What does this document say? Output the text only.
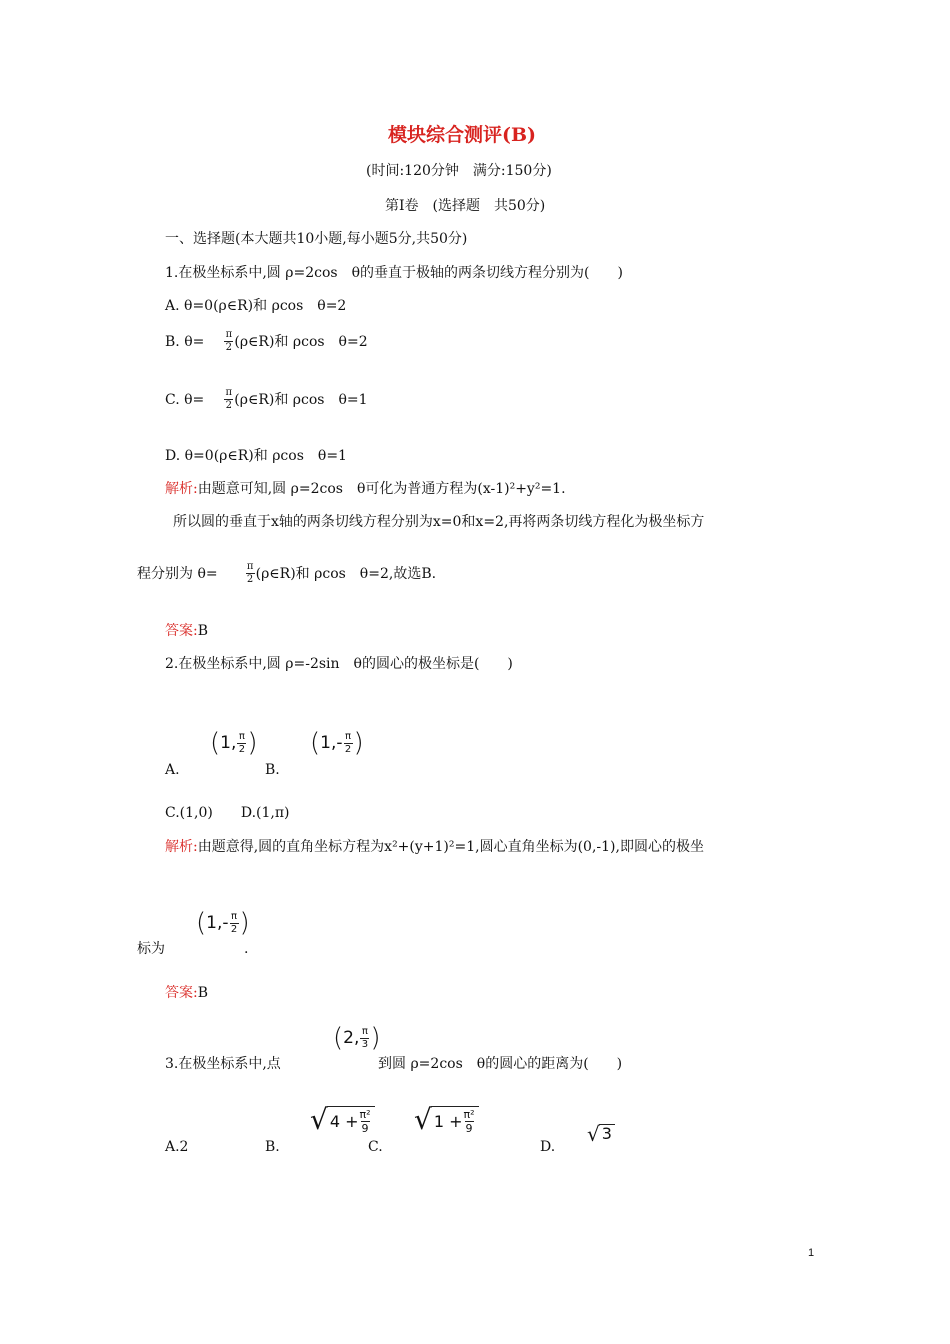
模块综合测评(B)
(时间:120分钟　满分:150分)
第Ⅰ卷　(选择题　共50分)
一、选择题(本大题共10小题,每小题5分,共50分)
1.在极坐标系中,圆 ρ=2cos　θ的垂直于极轴的两条切线方程分别为(　　)
A. θ=0(ρ∈R)和 ρcos　θ=2
B. $\theta= \frac{\pi}{2}$ (ρ∈R)和 ρcos　θ=2
C. $\theta= \frac{\pi}{2}$ (ρ∈R)和 ρcos　θ=1
D. θ=0(ρ∈R)和 ρcos　θ=1
解析:由题意可知,圆 ρ=2cos　θ可化为普通方程为(x-1)²+y²=1.
所以圆的垂直于x轴的两条切线方程分别为x=0和x=2,再将两条切线方程化为极坐标方
程分别为 θ=	$\frac{\pi}{2}$ (ρ∈R)和 ρcos　θ=2,故选B.
答案:B
2.在极坐标系中,圆 ρ=-2sin　θ的圆心的极坐标是(　　)
( 1 , $\frac{\pi}{2}$ ) ( 1 , - $\frac{\pi}{2}$ )
A.	B.
C.(1,0)　　D.(1,π)
解析:由题意得,圆的直角坐标方程为x²+(y+1)²=1,圆心直角坐标为(0,-1),即圆心的极坐
( 1 , - $\frac{\pi}{2}$ )
标为	.
答案:B
( 2 , $\frac{\pi}{3}$ )
3.在极坐标系中,点	到圆 ρ=2cos　θ的圆心的距离为(　　)
√ $4 + \frac{\text{π²}}{9}$ √ $1 + \frac{\text{π²}}{9}$	√ 3
A.2	B.	C.	D.
1
